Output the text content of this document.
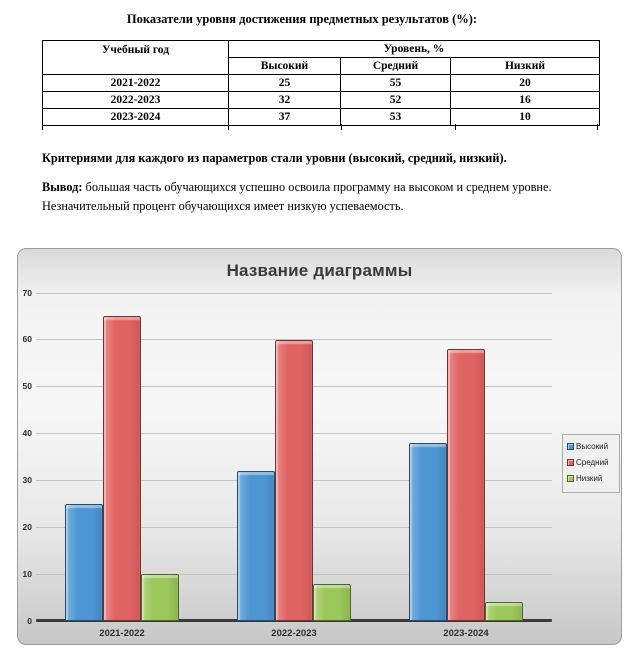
Показатели уровня достижения предметных результатов (%):
Учебный год	Уровень, %		
	Высокий	Средний	Низкий
2021-2022	25	55	20
2022-2023	32	52	16
2023-2024	37	53	10
Критериями для каждого из параметров стали уровни (высокий, средний, низкий).
Вывод: большая часть обучающихся успешно освоила программу на высоком и среднем уровне.
Незначительный процент обучающихся имеет низкую успеваемость.
Название диаграммы
Высокий
Средний
Низкий
0
10
20
30
40
50
60
70
2021-2022	2022-2023	2023-2024
